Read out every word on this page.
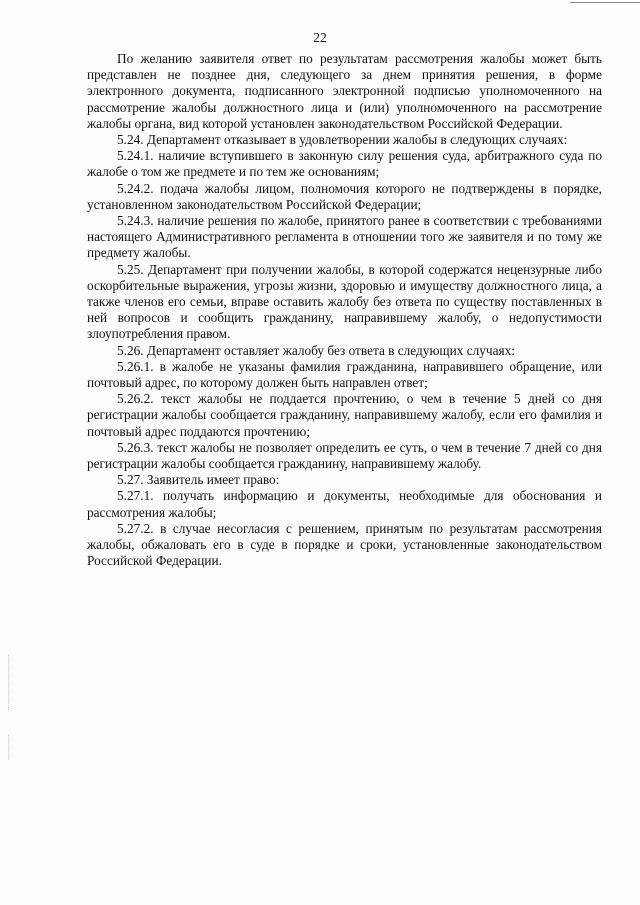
22

По желанию заявителя ответ по результатам рассмотрения жалобы может быть представлен не позднее дня, следующего за днем принятия решения, в форме электронного документа, подписанного электронной подписью уполномоченного на рассмотрение жалобы должностного лица и (или) уполномоченного на рассмотрение жалобы органа, вид которой установлен законодательством Российской Федерации.

5.24. Департамент отказывает в удовлетворении жалобы в следующих случаях:

5.24.1. наличие вступившего в законную силу решения суда, арбитражного суда по жалобе о том же предмете и по тем же основаниям;

5.24.2. подача жалобы лицом, полномочия которого не подтверждены в порядке, установленном законодательством Российской Федерации;

5.24.3. наличие решения по жалобе, принятого ранее в соответствии с требованиями настоящего Административного регламента в отношении того же заявителя и по тому же предмету жалобы.

5.25. Департамент при получении жалобы, в которой содержатся нецензурные либо оскорбительные выражения, угрозы жизни, здоровью и имуществу должностного лица, а также членов его семьи, вправе оставить жалобу без ответа по существу поставленных в ней вопросов и сообщить гражданину, направившему жалобу, о недопустимости злоупотребления правом.

5.26. Департамент оставляет жалобу без ответа в следующих случаях:

5.26.1. в жалобе не указаны фамилия гражданина, направившего обращение, или почтовый адрес, по которому должен быть направлен ответ;

5.26.2. текст жалобы не поддается прочтению, о чем в течение 5 дней со дня регистрации жалобы сообщается гражданину, направившему жалобу, если его фамилия и почтовый адрес поддаются прочтению;

5.26.3. текст жалобы не позволяет определить ее суть, о чем в течение 7 дней со дня регистрации жалобы сообщается гражданину, направившему жалобу.

5.27. Заявитель имеет право:

5.27.1. получать информацию и документы, необходимые для обоснования и рассмотрения жалобы;

5.27.2. в случае несогласия с решением, принятым по результатам рассмотрения жалобы, обжаловать его в суде в порядке и сроки, установленные законодательством Российской Федерации.
